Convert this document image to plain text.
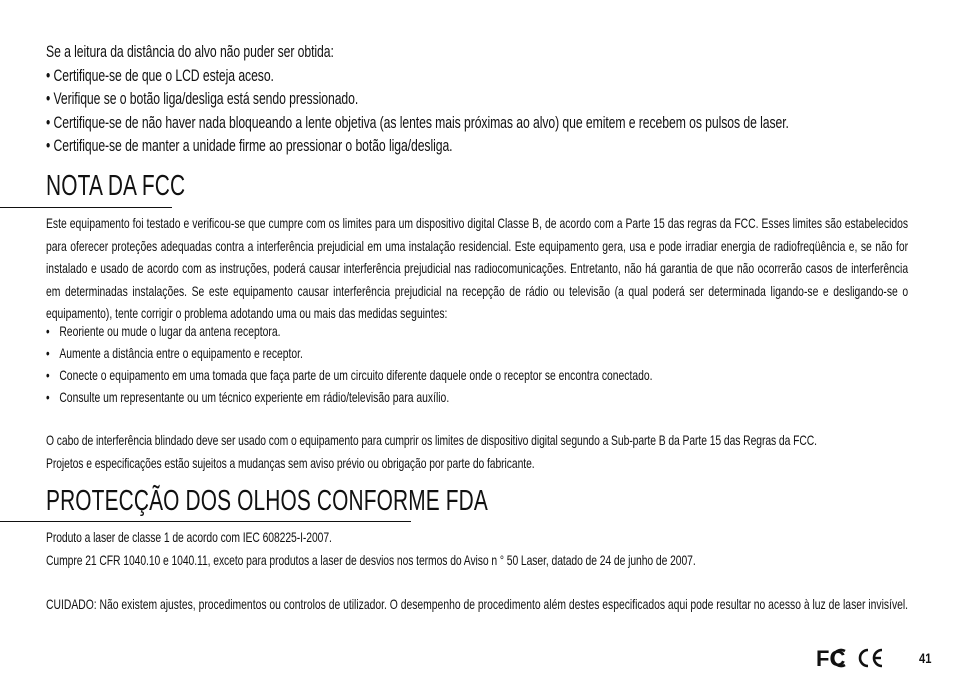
Se a leitura da distância do alvo não puder ser obtida:

• Certifique-se de que o LCD esteja aceso.

• Verifique se o botão liga/desliga está sendo pressionado.

• Certifique-se de não haver nada bloqueando a lente objetiva (as lentes mais próximas ao alvo) que emitem e recebem os pulsos de laser.

• Certifique-se de manter a unidade firme ao pressionar o botão liga/desliga.

NOTA DA FCC

Este equipamento foi testado e verificou-se que cumpre com os limites para um dispositivo digital Classe B, de acordo com a Parte 15 das regras da FCC. Esses limites são estabelecidos para oferecer proteções adequadas contra a interferência prejudicial em uma instalação residencial. Este equipamento gera, usa e pode irradiar energia de radiofreqüência e, se não for instalado e usado de acordo com as instruções, poderá causar interferência prejudicial nas radiocomunicações. Entretanto, não há garantia de que não ocorrerão casos de interferência em determinadas instalações. Se este equipamento causar interferência prejudicial na recepção de rádio ou televisão (a qual poderá ser determinada ligando-se e desligando-se o equipamento), tente corrigir o problema adotando uma ou mais das medidas seguintes:

• Reoriente ou mude o lugar da antena receptora.

• Aumente a distância entre o equipamento e receptor.

• Conecte o equipamento em uma tomada que faça parte de um circuito diferente daquele onde o receptor se encontra conectado.

• Consulte um representante ou um técnico experiente em rádio/televisão para auxílio.

O cabo de interferência blindado deve ser usado com o equipamento para cumprir os limites de dispositivo digital segundo a Sub-parte B da Parte 15 das Regras da FCC.

Projetos e especificações estão sujeitos a mudanças sem aviso prévio ou obrigação por parte do fabricante.

PROTECÇÃO DOS OLHOS CONFORME FDA

Produto a laser de classe 1 de acordo com IEC 608225-I-2007.

Cumpre 21 CFR 1040.10 e 1040.11, exceto para produtos a laser de desvios nos termos do Aviso n ° 50 Laser, datado de 24 de junho de 2007.

CUIDADO: Não existem ajustes, procedimentos ou controlos de utilizador. O desempenho de procedimento além destes especificados aqui pode resultar no acesso à luz de laser invisível.

FC	41
